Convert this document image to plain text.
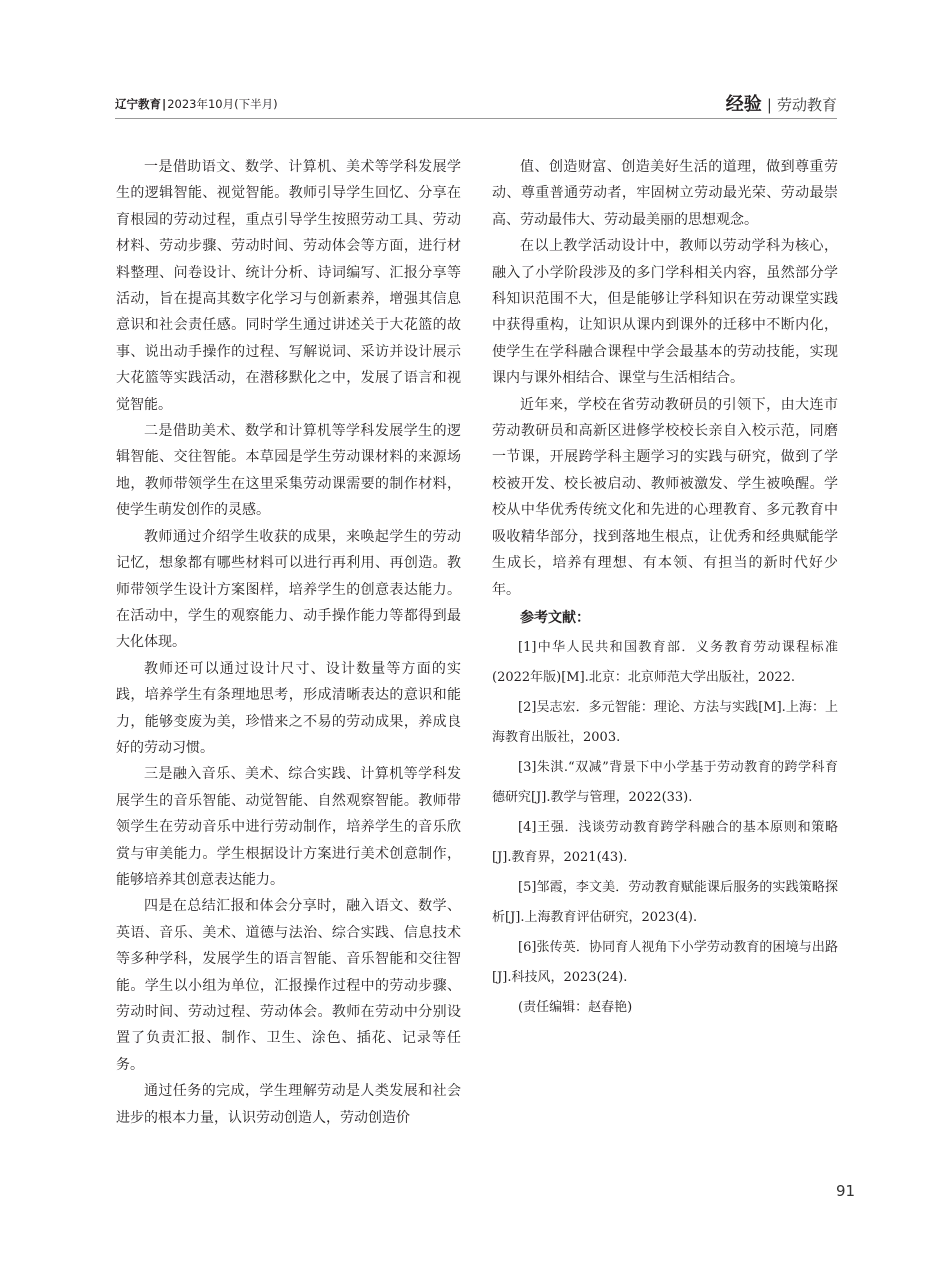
辽宁教育|2023年10月(下半月)	经验 | 劳动教育

一是借助语文、数学、计算机、美术等学科发展学生的逻辑智能、视觉智能。教师引导学生回忆、分享在育根园的劳动过程，重点引导学生按照劳动工具、劳动材料、劳动步骤、劳动时间、劳动体会等方面，进行材料整理、问卷设计、统计分析、诗词编写、汇报分享等活动，旨在提高其数字化学习与创新素养，增强其信息意识和社会责任感。同时学生通过讲述关于大花篮的故事、说出动手操作的过程、写解说词、采访并设计展示大花篮等实践活动，在潜移默化之中，发展了语言和视觉智能。

二是借助美术、数学和计算机等学科发展学生的逻辑智能、交往智能。本草园是学生劳动课材料的来源场地，教师带领学生在这里采集劳动课需要的制作材料，使学生萌发创作的灵感。

教师通过介绍学生收获的成果，来唤起学生的劳动记忆，想象都有哪些材料可以进行再利用、再创造。教师带领学生设计方案图样，培养学生的创意表达能力。在活动中，学生的观察能力、动手操作能力等都得到最大化体现。

教师还可以通过设计尺寸、设计数量等方面的实践，培养学生有条理地思考，形成清晰表达的意识和能力，能够变废为美，珍惜来之不易的劳动成果，养成良好的劳动习惯。

三是融入音乐、美术、综合实践、计算机等学科发展学生的音乐智能、动觉智能、自然观察智能。教师带领学生在劳动音乐中进行劳动制作，培养学生的音乐欣赏与审美能力。学生根据设计方案进行美术创意制作，能够培养其创意表达能力。

四是在总结汇报和体会分享时，融入语文、数学、英语、音乐、美术、道德与法治、综合实践、信息技术等多种学科，发展学生的语言智能、音乐智能和交往智能。学生以小组为单位，汇报操作过程中的劳动步骤、劳动时间、劳动过程、劳动体会。教师在劳动中分别设置了负责汇报、制作、卫生、涂色、插花、记录等任务。

通过任务的完成，学生理解劳动是人类发展和社会进步的根本力量，认识劳动创造人，劳动创造价

值、创造财富、创造美好生活的道理，做到尊重劳动、尊重普通劳动者，牢固树立劳动最光荣、劳动最崇高、劳动最伟大、劳动最美丽的思想观念。

在以上教学活动设计中，教师以劳动学科为核心，融入了小学阶段涉及的多门学科相关内容，虽然部分学科知识范围不大，但是能够让学科知识在劳动课堂实践中获得重构，让知识从课内到课外的迁移中不断内化，使学生在学科融合课程中学会最基本的劳动技能，实现课内与课外相结合、课堂与生活相结合。

近年来，学校在省劳动教研员的引领下，由大连市劳动教研员和高新区进修学校校长亲自入校示范，同磨一节课，开展跨学科主题学习的实践与研究，做到了学校被开发、校长被启动、教师被激发、学生被唤醒。学校从中华优秀传统文化和先进的心理教育、多元教育中吸收精华部分，找到落地生根点，让优秀和经典赋能学生成长，培养有理想、有本领、有担当的新时代好少年。

参考文献：

[1]中华人民共和国教育部．义务教育劳动课程标准(2022年版)[M].北京：北京师范大学出版社，2022.

[2]吴志宏．多元智能：理论、方法与实践[M].上海：上海教育出版社，2003.

[3]朱淇.“双减”背景下中小学基于劳动教育的跨学科育德研究[J].教学与管理，2022(33).

[4]王强．浅谈劳动教育跨学科融合的基本原则和策略[J].教育界，2021(43).

[5]邹霞，李文美．劳动教育赋能课后服务的实践策略探析[J].上海教育评估研究，2023(4).

[6]张传英．协同育人视角下小学劳动教育的困境与出路[J].科技风，2023(24).

(责任编辑：赵春艳)

91
